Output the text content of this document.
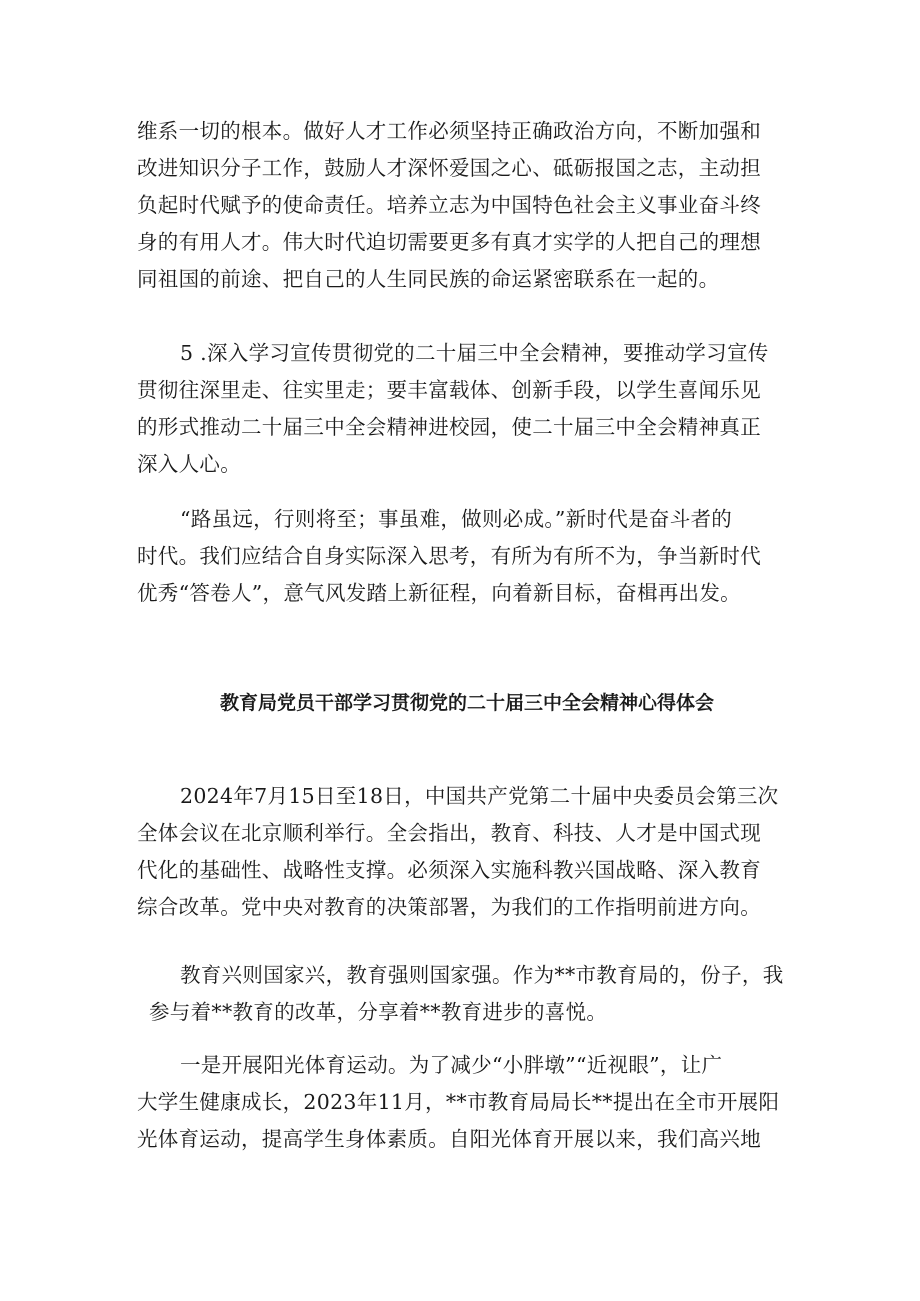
维系一切的根本。做好人才工作必须坚持正确政治方向，不断加强和
改进知识分子工作，鼓励人才深怀爱国之心、砥砺报国之志，主动担
负起时代赋予的使命责任。培养立志为中国特色社会主义事业奋斗终
身的有用人才。伟大时代迫切需要更多有真才实学的人把自己的理想
同祖国的前途、把自己的人生同民族的命运紧密联系在一起的。

5 .深入学习宣传贯彻党的二十届三中全会精神，要推动学习宣传
贯彻往深里走、往实里走；要丰富载体、创新手段，以学生喜闻乐见
的形式推动二十届三中全会精神进校园，使二十届三中全会精神真正
深入人心。

“路虽远，行则将至；事虽难，做则必成。”新时代是奋斗者的
时代。我们应结合自身实际深入思考，有所为有所不为，争当新时代
优秀“答卷人”，意气风发踏上新征程，向着新目标，奋楫再出发。

教育局党员干部学习贯彻党的二十届三中全会精神心得体会

2024年7月15日至18日，中国共产党第二十届中央委员会第三次
全体会议在北京顺利举行。全会指出，教育、科技、人才是中国式现
代化的基础性、战略性支撑。必须深入实施科教兴国战略、深入教育
综合改革。党中央对教育的决策部署，为我们的工作指明前进方向。

教育兴则国家兴，教育强则国家强。作为**市教育局的，份子，我
参与着**教育的改革，分享着**教育进步的喜悦。

一是开展阳光体育运动。为了减少“小胖墩”“近视眼”，让广
大学生健康成长，2023年11月，**市教育局局长**提出在全市开展阳
光体育运动，提高学生身体素质。自阳光体育开展以来，我们高兴地
